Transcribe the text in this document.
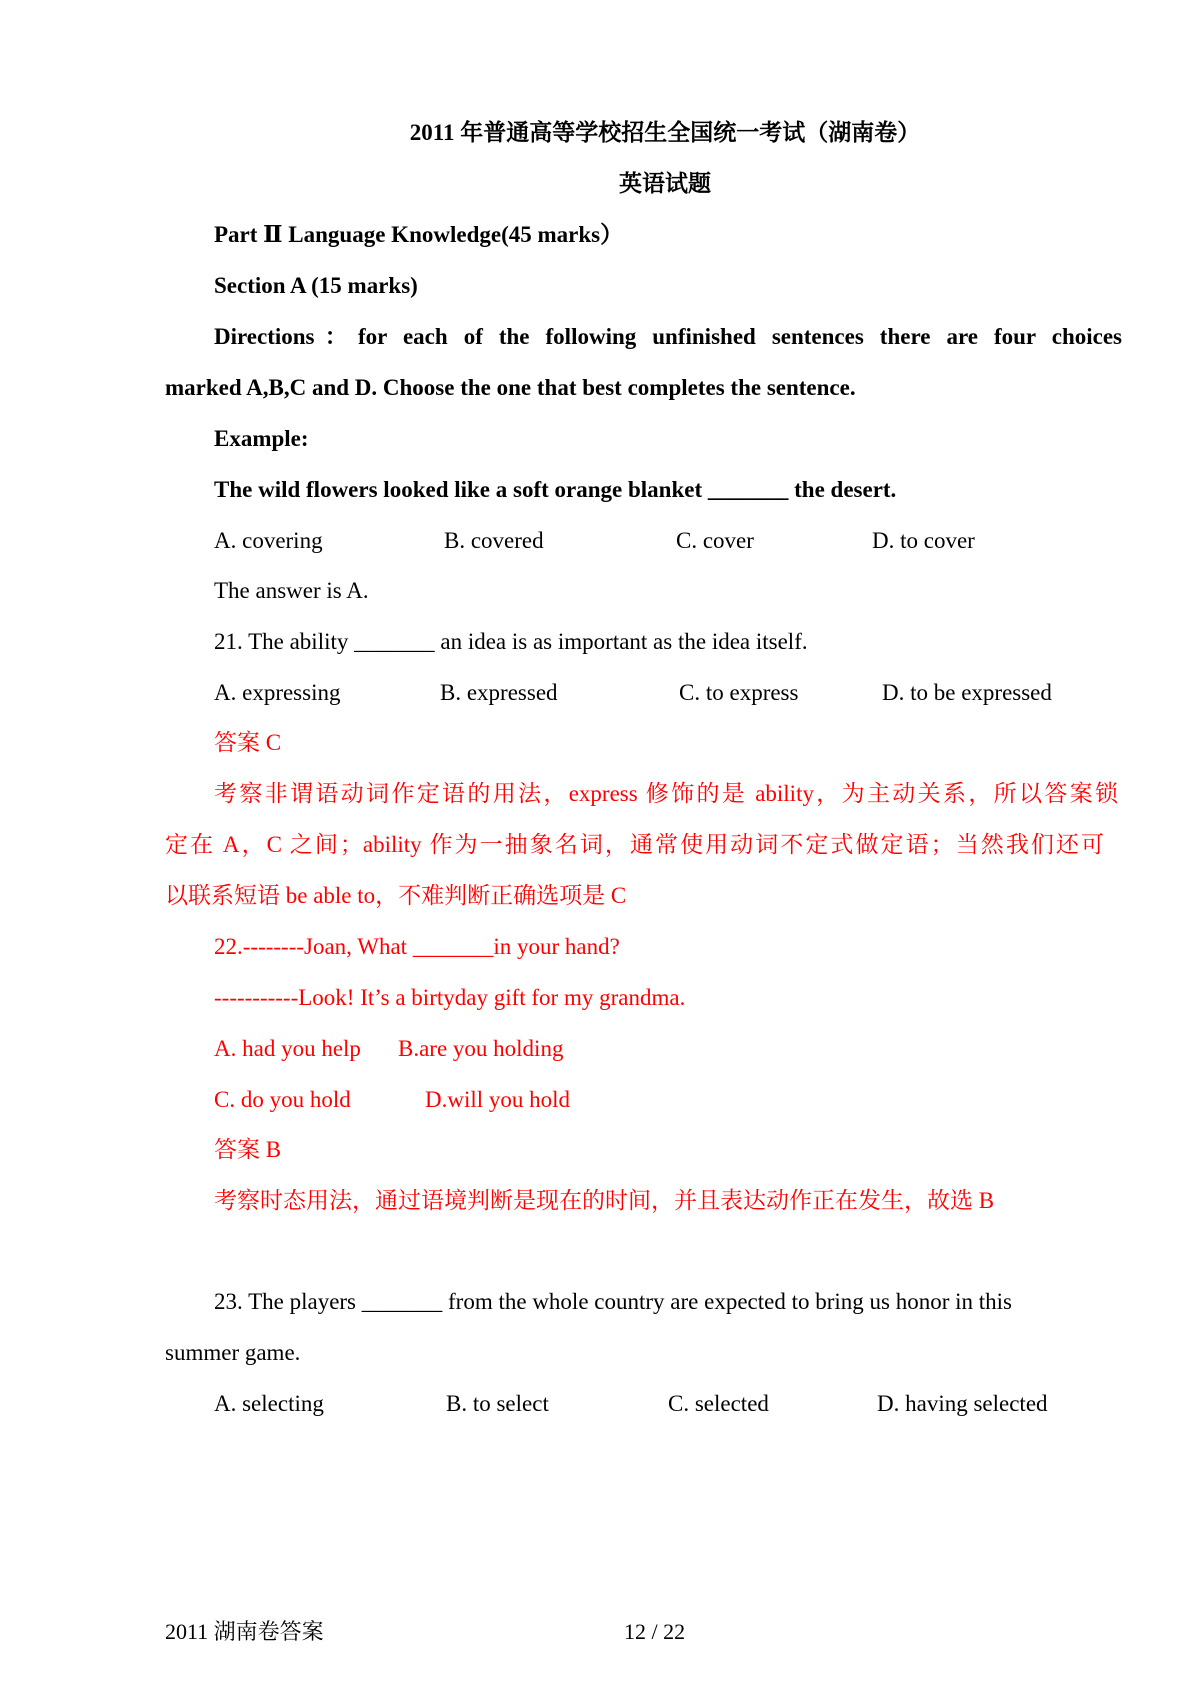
2011 年普通高等学校招生全国统一考试（湖南卷）
英语试题
Part Ⅱ Language Knowledge(45 marks）
Section A (15 marks)
Directions：for each of the following unfinished sentences there are four choices
marked A,B,C and D. Choose the one that best completes the sentence.
Example:
The wild flowers looked like a soft orange blanket _______ the desert.
A. covering	B. covered	C. cover	D. to cover
The answer is A.
21. The ability _______ an idea is as important as the idea itself.
A. expressing	B. expressed	C. to express	D. to be expressed
答案 C
考察非谓语动词作定语的用法，express 修饰的是 ability，为主动关系，所以答案锁
定在 A，C 之间；ability 作为一抽象名词，通常使用动词不定式做定语；当然我们还可
以联系短语 be able to，不难判断正确选项是 C
22.--------Joan, What _______in your hand?
-----------Look! It’s a birtyday gift for my grandma.
A. had you help B.are you holding
C. do you hold	D.will you hold
答案 B
考察时态用法，通过语境判断是现在的时间，并且表达动作正在发生，故选 B
23. The players _______ from the whole country are expected to bring us honor in this
summer game.
A. selecting	B. to select	C. selected	D. having selected
2011 湖南卷答案	12 / 22
